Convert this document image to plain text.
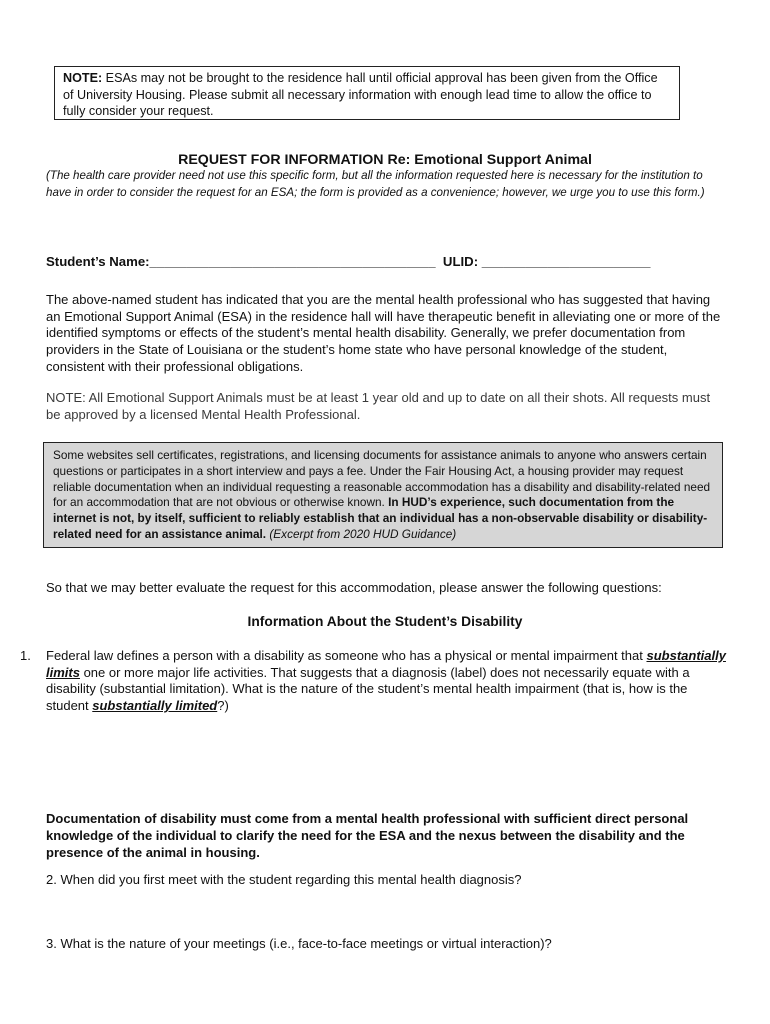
NOTE: ESAs may not be brought to the residence hall until official approval has been given from the Office of University Housing. Please submit all necessary information with enough lead time to allow the office to fully consider your request.
REQUEST FOR INFORMATION Re: Emotional Support Animal
(The health care provider need not use this specific form, but all the information requested here is necessary for the institution to have in order to consider the request for an ESA; the form is provided as a convenience; however, we urge you to use this form.)
Student’s Name:_______________________________________  ULID: _______________________
The above-named student has indicated that you are the mental health professional who has suggested that having an Emotional Support Animal (ESA) in the residence hall will have therapeutic benefit in alleviating one or more of the identified symptoms or effects of the student’s mental health disability. Generally, we prefer documentation from providers in the State of Louisiana or the student’s home state who have personal knowledge of the student, consistent with their professional obligations.
NOTE: All Emotional Support Animals must be at least 1 year old and up to date on all their shots. All requests must be approved by a licensed Mental Health Professional.
Some websites sell certificates, registrations, and licensing documents for assistance animals to anyone who answers certain questions or participates in a short interview and pays a fee. Under the Fair Housing Act, a housing provider may request reliable documentation when an individual requesting a reasonable accommodation has a disability and disability-related need for an accommodation that are not obvious or otherwise known. In HUD’s experience, such documentation from the internet is not, by itself, sufficient to reliably establish that an individual has a non-observable disability or disability-related need for an assistance animal. (Excerpt from 2020 HUD Guidance)
So that we may better evaluate the request for this accommodation, please answer the following questions:
Information About the Student’s Disability
1. Federal law defines a person with a disability as someone who has a physical or mental impairment that substantially limits one or more major life activities. That suggests that a diagnosis (label) does not necessarily equate with a disability (substantial limitation). What is the nature of the student’s mental health impairment (that is, how is the student substantially limited?)
Documentation of disability must come from a mental health professional with sufficient direct personal knowledge of the individual to clarify the need for the ESA and the nexus between the disability and the presence of the animal in housing.
2. When did you first meet with the student regarding this mental health diagnosis?
3. What is the nature of your meetings (i.e., face-to-face meetings or virtual interaction)?
